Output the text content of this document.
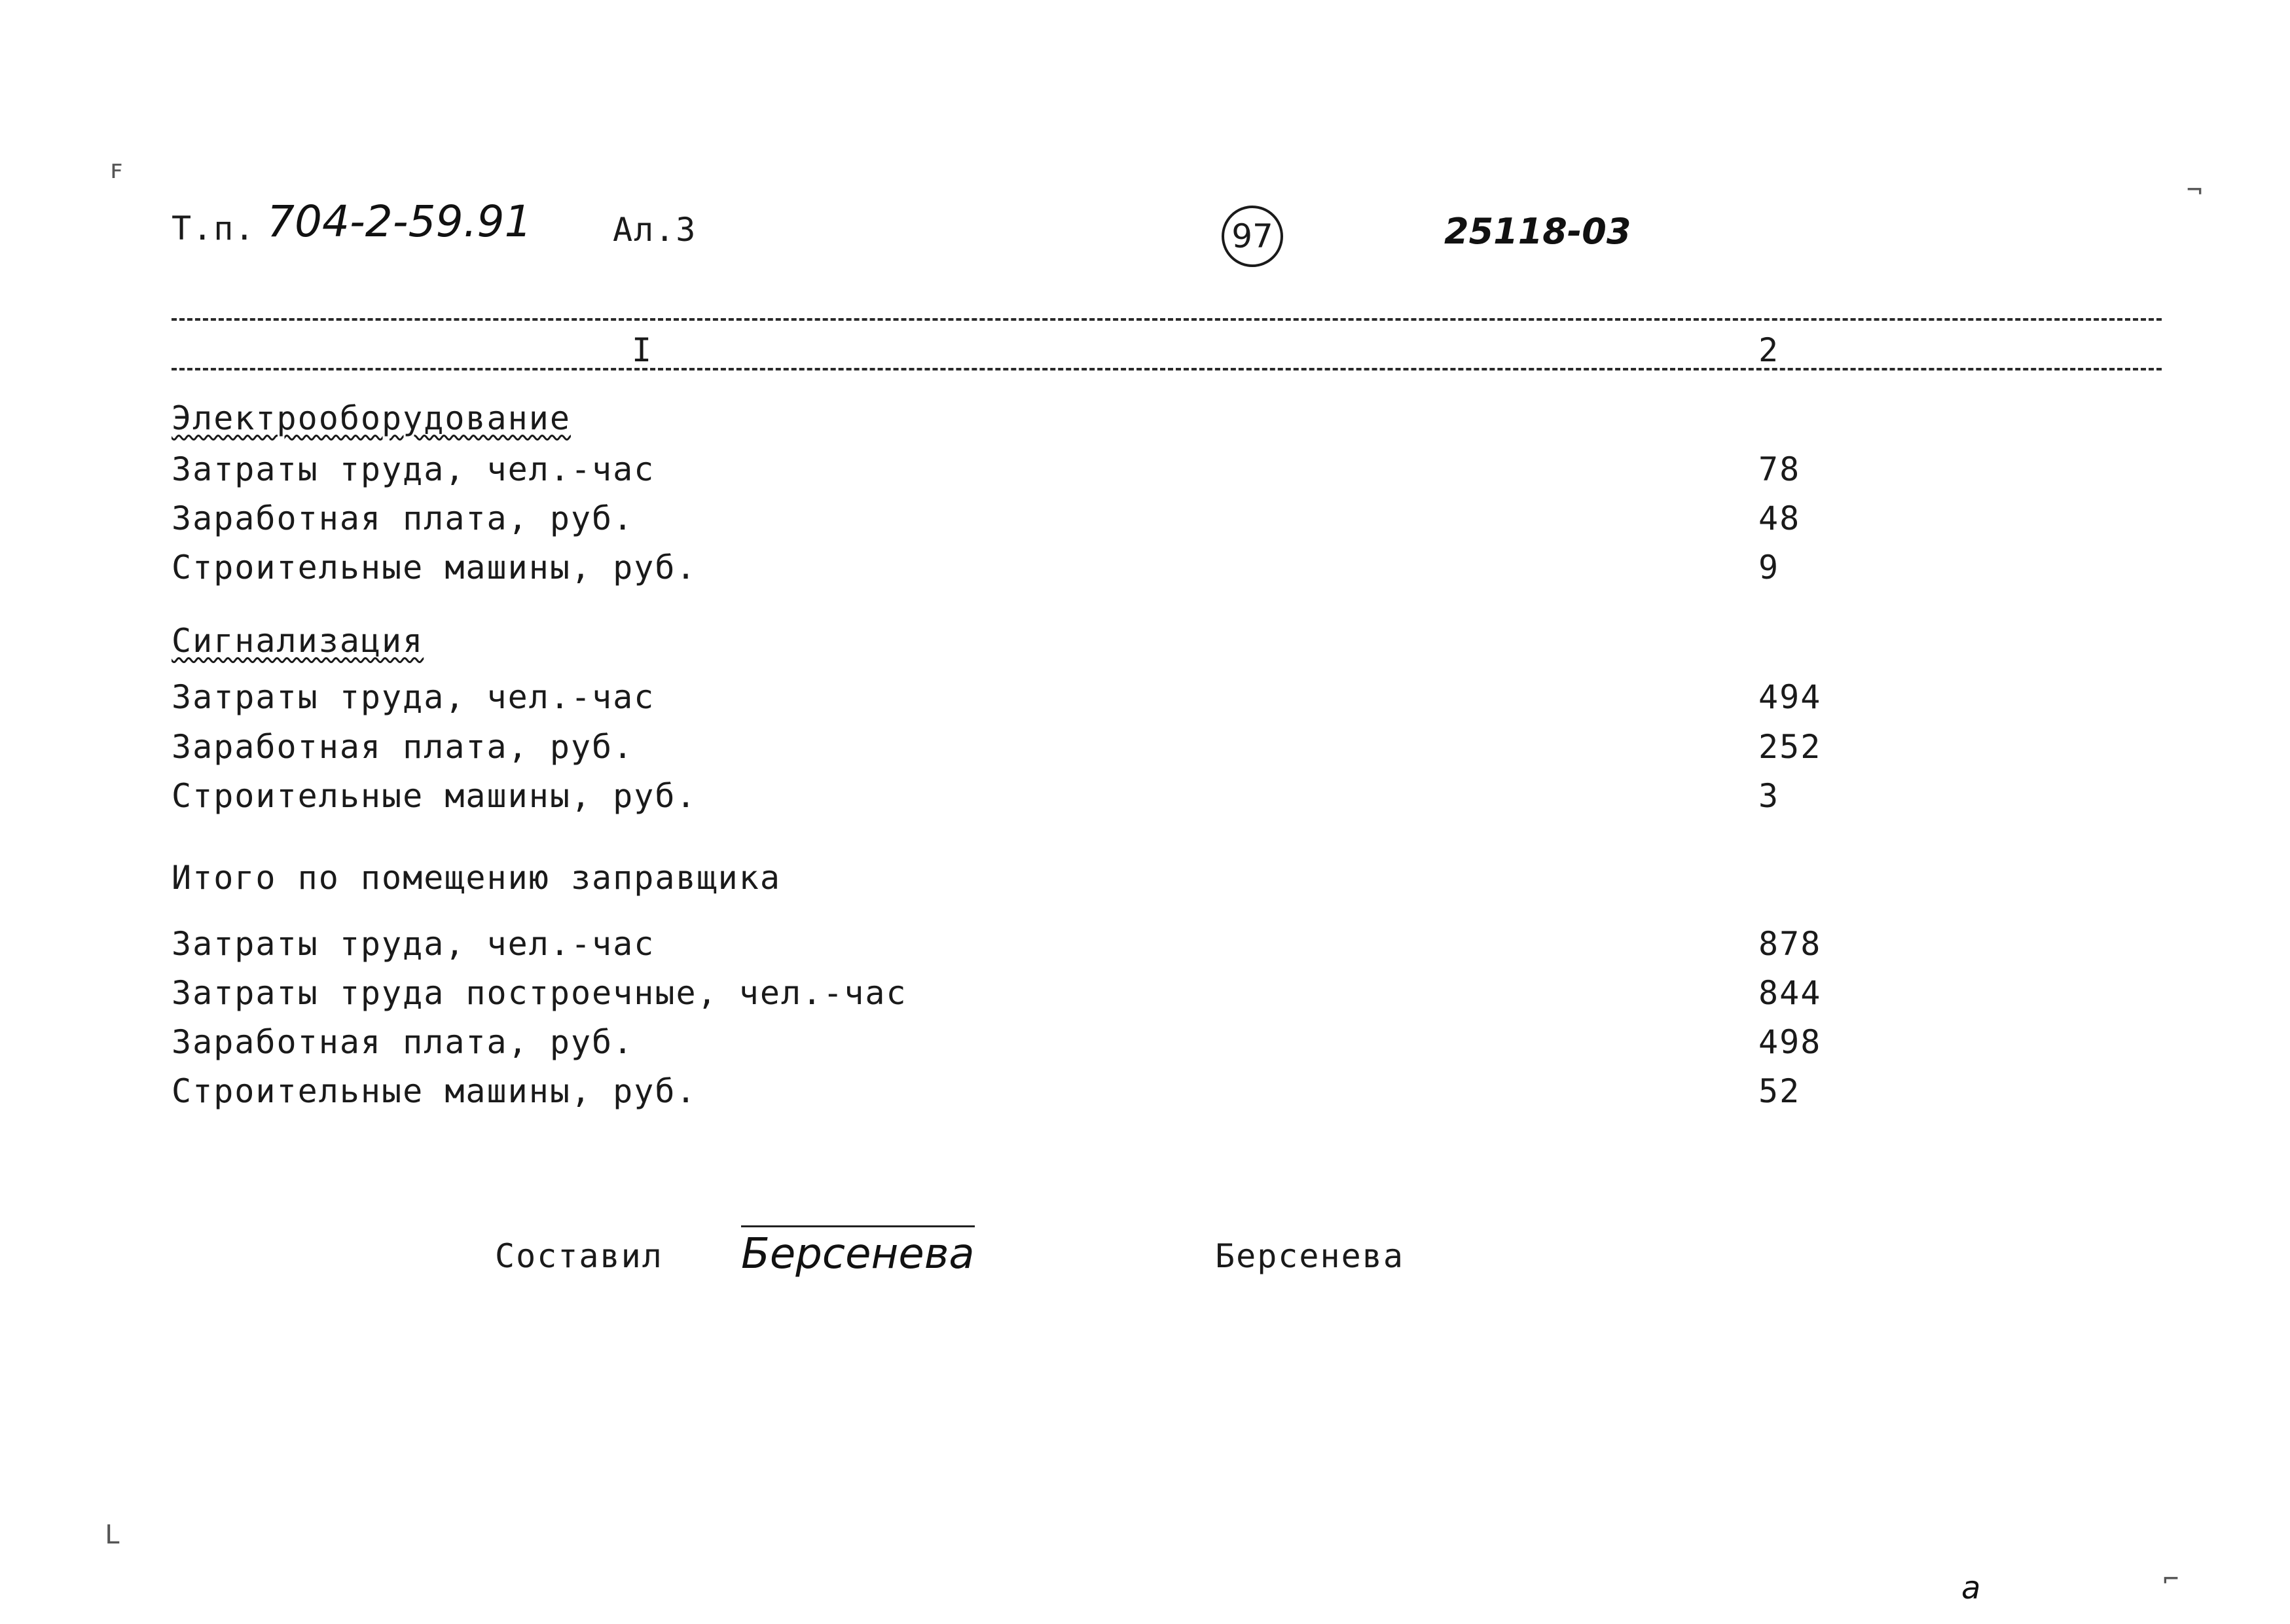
Т.п. 704-2-59.91 Ал.3	97	25118-03
I	2
Электрооборудование
Затраты труда, чел.-час	78
Заработная плата, руб.	48
Строительные машины, руб.	9
Сигнализация
Затраты труда, чел.-час	494
Заработная плата, руб.	252
Строительные машины, руб.	3
Итого по помещению заправщика
Затраты труда, чел.-час	878
Затраты труда построечные, чел.-час	844
Заработная плата, руб.	498
Строительные машины, руб.	52
Составил Берсенева	Берсенева
ꜰ
¬
L
a	⌐
